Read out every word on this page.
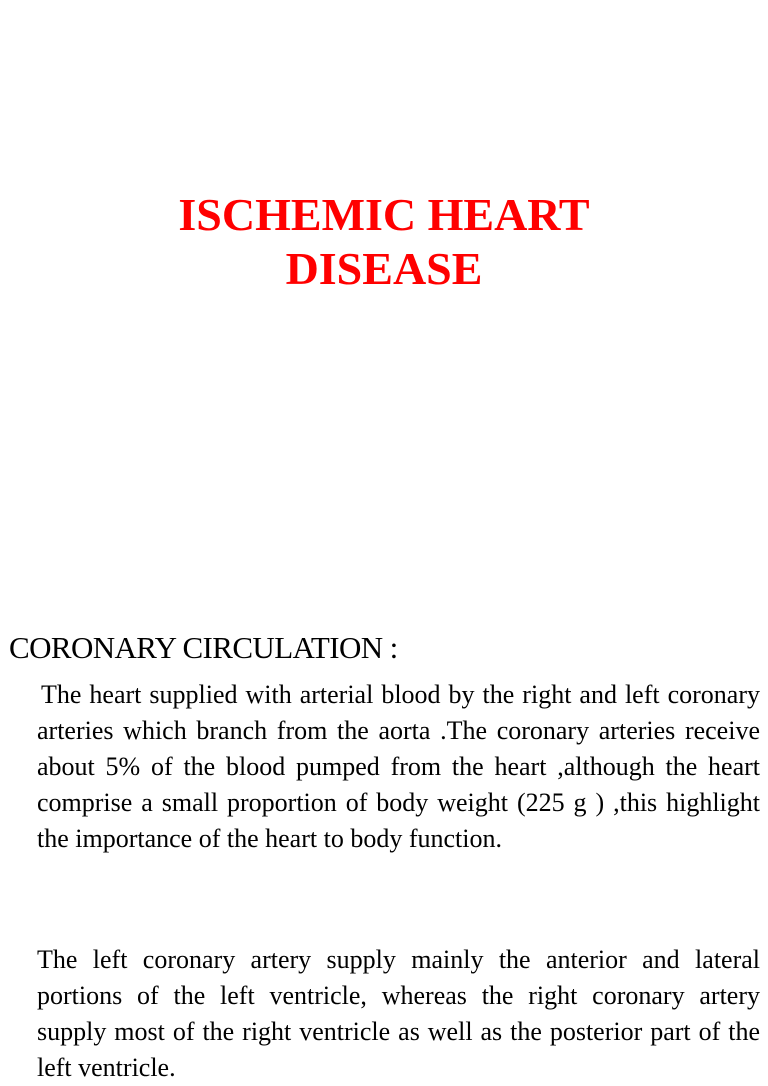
ISCHEMIC HEART
DISEASE
CORONARY CIRCULATION :

The heart supplied with arterial blood by the right and left coronary arteries which branch from the aorta .The coronary arteries receive about 5% of the blood pumped from the heart ,although the heart comprise a small proportion of body weight (225 g ) ,this highlight the importance of the heart to body function.

The left coronary artery supply mainly the anterior and lateral portions of the left ventricle, whereas the right coronary artery supply most of the right ventricle as well as the posterior part of the left ventricle.
